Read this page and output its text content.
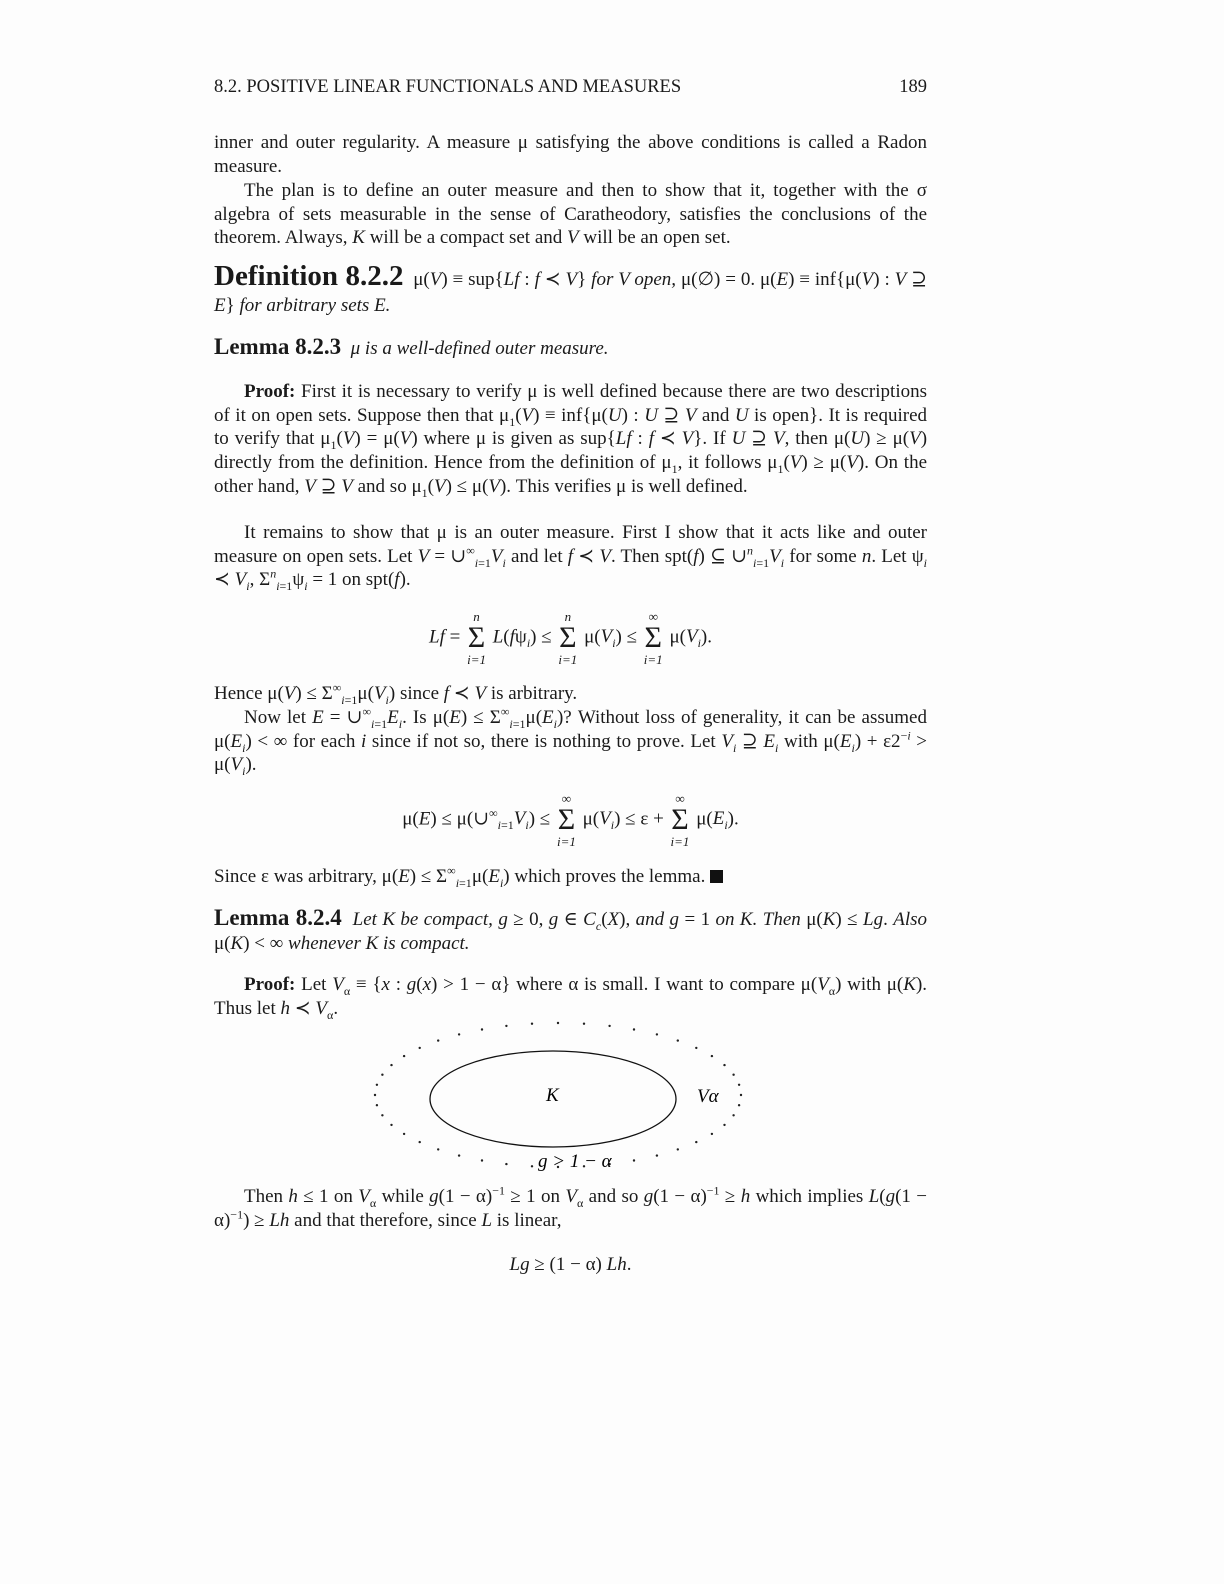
8.2. POSITIVE LINEAR FUNCTIONALS AND MEASURES	189
inner and outer regularity. A measure μ satisfying the above conditions is called a Radon measure.
The plan is to define an outer measure and then to show that it, together with the σ algebra of sets measurable in the sense of Caratheodory, satisfies the conclusions of the theorem. Always, K will be a compact set and V will be an open set.
Definition 8.2.2  μ(V) ≡ sup{Lf : f ≺ V} for V open, μ(∅) = 0. μ(E) ≡ inf{μ(V) : V ⊇ E} for arbitrary sets E.
Lemma 8.2.3 μ is a well-defined outer measure.
Proof: First it is necessary to verify μ is well defined because there are two descriptions of it on open sets. Suppose then that $\mu_1(V) \equiv inf\{\mu(U)$ : U ⊇ V and U is open}. It is required to verify that $\mu_1(V) = \mu(V)$ where μ is given as sup{Lf : f ≺ V}. If U ⊇ V, then μ(U) ≥ μ(V) directly from the definition. Hence from the definition of $\mu_1$, it follows $\mu_1(V) \ge \mu(V)$. On the other hand, V ⊇ V and so $\mu_1(V) \le \mu(V)$. This verifies μ is well defined.
It remains to show that μ is an outer measure. First I show that it acts like and outer measure on open sets. Let $V = \cup^\infty_{i=1}V_i$ and let f ≺ V. Then spt(f) ⊆ $\cup^n_{i=1}V_i$ for some n. Let $\psi_i$ ≺ $V_i$, $\Sigma^n_{i=1}\psi_i = 1$ on spt(f).
Lf =
n
Σ
i=1
$L(f\psi_i)$ ≤
n
Σ
i=1
$\mu(V_i)$ ≤
∞
Σ
i=1
$\mu(V_i)$.
Hence $\mu(V) \le \Sigma^\infty_{i=1}\mu(V_i)$ since f ≺ V is arbitrary.
Now let $E = \cup^\infty_{i=1}E_i$. Is $\mu(E) \le \Sigma^\infty_{i=1}\mu(E_i)$? Without loss of generality, it can be assumed $\mu(E_i)$ < ∞ for each i since if not so, there is nothing to prove. Let $V_i$ ⊇ $E_i$ with $\mu(E_i) + \varepsilon 2^{-i} > \mu(V_i)$.
$\mu(E) \le \mu(\cup^\infty_{i=1}V_i)$ ≤
∞
Σ
i=1
$\mu(V_i) \le \varepsilon$ +
∞
Σ
i=1
$\mu(E_i)$.
Since ε was arbitrary, $\mu(E) \le \Sigma^\infty_{i=1}\mu(E_i)$ which proves the lemma.
Lemma 8.2.4 Let K be compact, g ≥ 0, g ∈ $C_c(X)$, and g = 1 on K. Then μ(K) ≤ Lg. Also μ(K) < ∞ whenever K is compact.
Proof: Let $V_\alpha \equiv \{x$ : g(x) > 1 − α} where α is small. I want to compare $\mu(V_\alpha)$ with μ(K). Thus let h ≺ $V_\alpha$.
K	Vα
g > 1 − α
Then h ≤ 1 on $V_\alpha$ while $g(1 - \alpha)^{-1} \ge 1$ on $V_\alpha$ and so $g(1 - \alpha)^{-1} \ge h$ which implies $L(g(1 - \alpha)^{-1}) \ge Lh$ and that therefore, since L is linear,
Lg ≥ (1 − α) Lh.
